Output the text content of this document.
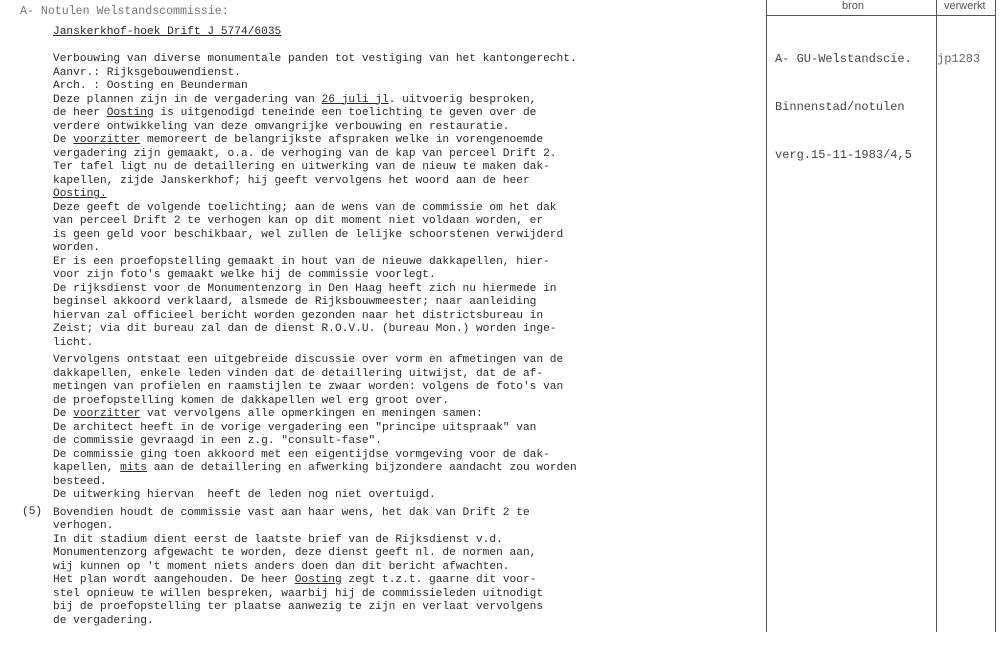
A- Notulen Welstandscommissie:
Janskerkhof-hoek Drift J 5774/6035
Verbouwing van diverse monumentale panden tot vestiging van het kantongerecht.
Aanvr.: Rijksgebouwendienst.
Arch. : Oosting en Beunderman
Deze plannen zijn in de vergadering van 26 juli jl. uitvoerig besproken,
de heer Oosting is uitgenodigd teneinde een toelichting te geven over de
verdere ontwikkeling van deze omvangrijke verbouwing en restauratie.
De voorzitter memoreert de belangrijkste afspraken welke in vorengenoemde
vergadering zijn gemaakt, o.a. de verhoging van de kap van perceel Drift 2.
Ter tafel ligt nu de detaillering en uitwerking van de nieuw te maken dak-
kapellen, zijde Janskerkhof; hij geeft vervolgens het woord aan de heer
Oosting.
Deze geeft de volgende toelichting; aan de wens van de commissie om het dak
van perceel Drift 2 te verhogen kan op dit moment niet voldaan worden, er
is geen geld voor beschikbaar, wel zullen de lelijke schoorstenen verwijderd
worden.
Er is een proefopstelling gemaakt in hout van de nieuwe dakkapellen, hier-
voor zijn foto's gemaakt welke hij de commissie voorlegt.
De rijksdienst voor de Monumentenzorg in Den Haag heeft zich nu hiermede in
beginsel akkoord verklaard, alsmede de Rijksbouwmeester; naar aanleiding
hiervan zal officieel bericht worden gezonden naar het districtsbureau in
Zeist; via dit bureau zal dan de dienst R.O.V.U. (bureau Mon.) worden inge-
licht.
Vervolgens ontstaat een uitgebreide discussie over vorm en afmetingen van de
dakkapellen, enkele leden vinden dat de detaillering uitwijst, dat de af-
metingen van profielen en raamstijlen te zwaar worden: volgens de foto's van
de proefopstelling komen de dakkapellen wel erg groot over.
De voorzitter vat vervolgens alle opmerkingen en meningen samen:
De architect heeft in de vorige vergadering een "principe uitspraak" van
de commissie gevraagd in een z.g. "consult-fase".
De commissie ging toen akkoord met een eigentijdse vormgeving voor de dak-
kapellen, mits aan de detaillering en afwerking bijzondere aandacht zou worden
besteed.
De uitwerking hiervan  heeft de leden nog niet overtuigd.
Bovendien houdt de commissie vast aan haar wens, het dak van Drift 2 te
verhogen.
In dit stadium dient eerst de laatste brief van de Rijksdienst v.d.
Monumentenzorg afgewacht te worden, deze dienst geeft nl. de normen aan,
wij kunnen op 't moment niets anders doen dan dit bericht afwachten.
Het plan wordt aangehouden. De heer Oosting zegt t.z.t. gaarne dit voor-
stel opnieuw te willen bespreken, waarbij hij de commissieleden uitnodigt
bij de proefopstelling ter plaatse aanwezig te zijn en verlaat vervolgens
de vergadering.
(5)
bron	verwerkt

A- GU-Welstandscie.

Binnenstad/notulen

verg.15-11-1983/4,5

jp1283
